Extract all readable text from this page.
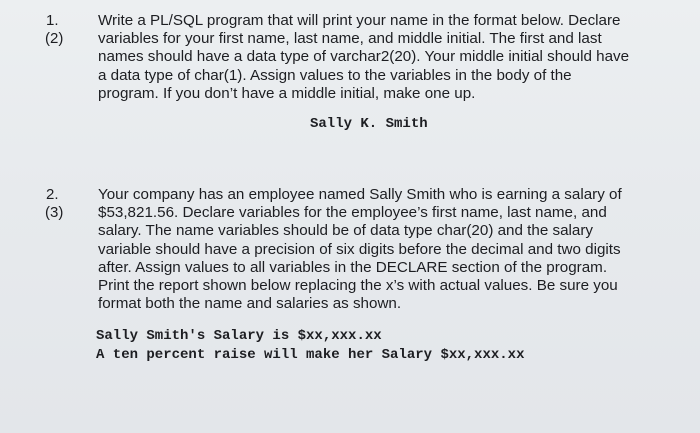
1.
(2)
Write a PL/SQL program that will print your name in the format below. Declare
variables for your first name, last name, and middle initial. The first and last
names should have a data type of varchar2(20). Your middle initial should have
a data type of char(1). Assign values to the variables in the body of the
program. If you don’t have a middle initial, make one up.
Sally K. Smith
2.
(3)
Your company has an employee named Sally Smith who is earning a salary of
$53,821.56. Declare variables for the employee’s first name, last name, and
salary. The name variables should be of data type char(20) and the salary
variable should have a precision of six digits before the decimal and two digits
after. Assign values to all variables in the DECLARE section of the program.
Print the report shown below replacing the x’s with actual values. Be sure you
format both the name and salaries as shown.
Sally Smith's Salary is $xx,xxx.xx
A ten percent raise will make her Salary $xx,xxx.xx
